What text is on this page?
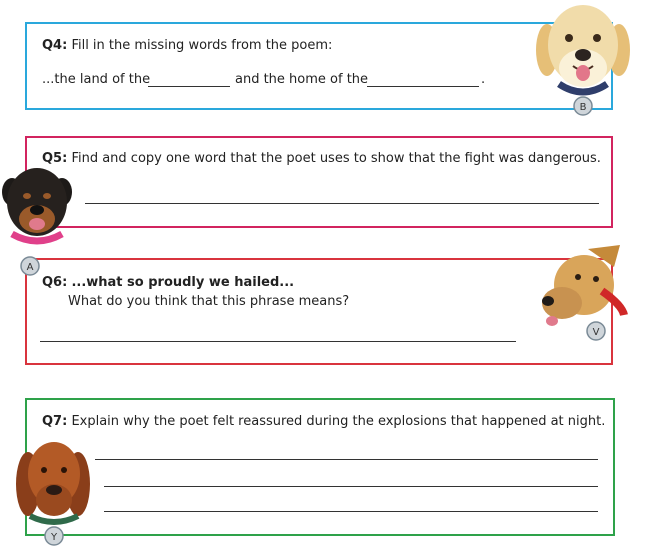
Q4: Fill in the missing words from the poem:
...the land of the	and the home of the	.
Q5: Find and copy one word that the poet uses to show that the fight was dangerous.
Q6: ...what so proudly we hailed...
What do you think that this phrase means?
Q7: Explain why the poet felt reassured during the explosions that happened at night.
B
A
V
Y
